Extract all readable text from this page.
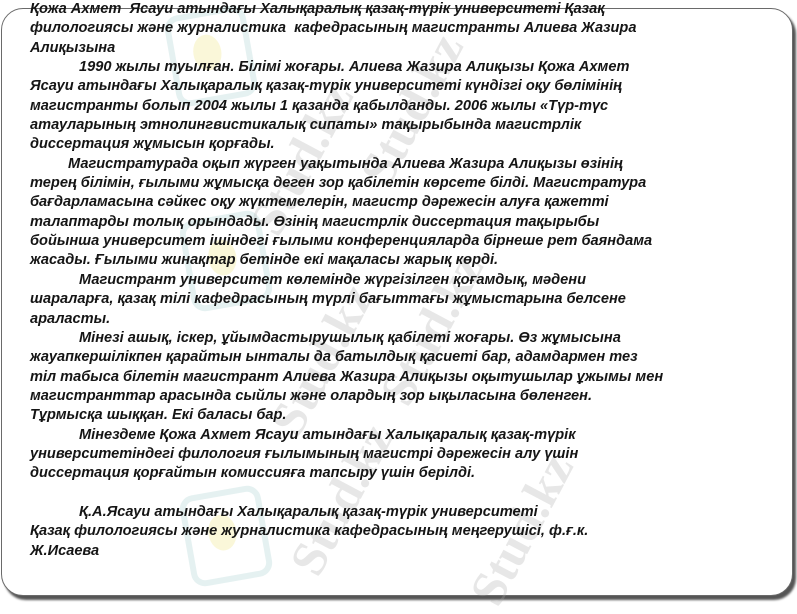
Stud.kz
Stud.kz
Stud.kz
Stud.kz
Stud.kz Stud.kz
Қожа Ахмет  Ясауи атындағы Халықаралық қазақ-түрік университеті Қазақ
филологиясы және журналистика  кафедрасының магистранты Алиева Жазира
Алиқызына
1990 жылы туылған. Білімі жоғары. Алиева Жазира Алиқызы Қожа Ахмет
Ясауи атындағы Халықаралық қазақ-түрік университеті күндізгі оқу бөлімінің
магистранты болып 2004 жылы 1 қазанда қабылданды. 2006 жылы «Түр-түс
атауларының этнолингвистикалық сипаты» тақырыбында магистрлік
диссертация жұмысын қорғады.
Магистратурада оқып жүрген уақытында Алиева Жазира Алиқызы өзінің
терең білімін, ғылыми жұмысқа деген зор қабілетін көрсете білді. Магистратура
бағдарламасына сәйкес оқу жүктемелерін, магистр дәрежесін алуға қажетті
талаптарды толық орындады. Өзінің магистрлік диссертация тақырыбы
бойынша университет ішіндегі ғылыми конференцияларда бірнеше рет баяндама
жасады. Ғылыми жинақтар бетінде екі мақаласы жарық көрді.
Магистрант университет көлемінде жүргізілген қоғамдық, мәдени
шараларға, қазақ тілі кафедрасының түрлі бағыттағы жұмыстарына белсене
араласты.
Мінезі ашық, іскер, ұйымдастырушылық қабілеті жоғары. Өз жұмысына
жауапкершілікпен қарайтын ынталы да батылдық қасиеті бар, адамдармен тез
тіл табыса білетін магистрант Алиева Жазира Алиқызы оқытушылар ұжымы мен
магистранттар арасында сыйлы және олардың зор ықыласына бөленген.
Тұрмысқа шыққан. Екі баласы бар.
Мінездеме Қожа Ахмет Ясауи атындағы Халықаралық қазақ-түрік
университетіндегі филология ғылымының магистрі дәрежесін алу үшін
диссертация қорғайтын комиссияға тапсыру үшін берілді.
Қ.А.Ясауи атындағы Халықаралық қазақ-түрік университеті
Қазақ филологиясы және журналистика кафедрасының меңгерушісі, ф.ғ.к.
Ж.Исаева
